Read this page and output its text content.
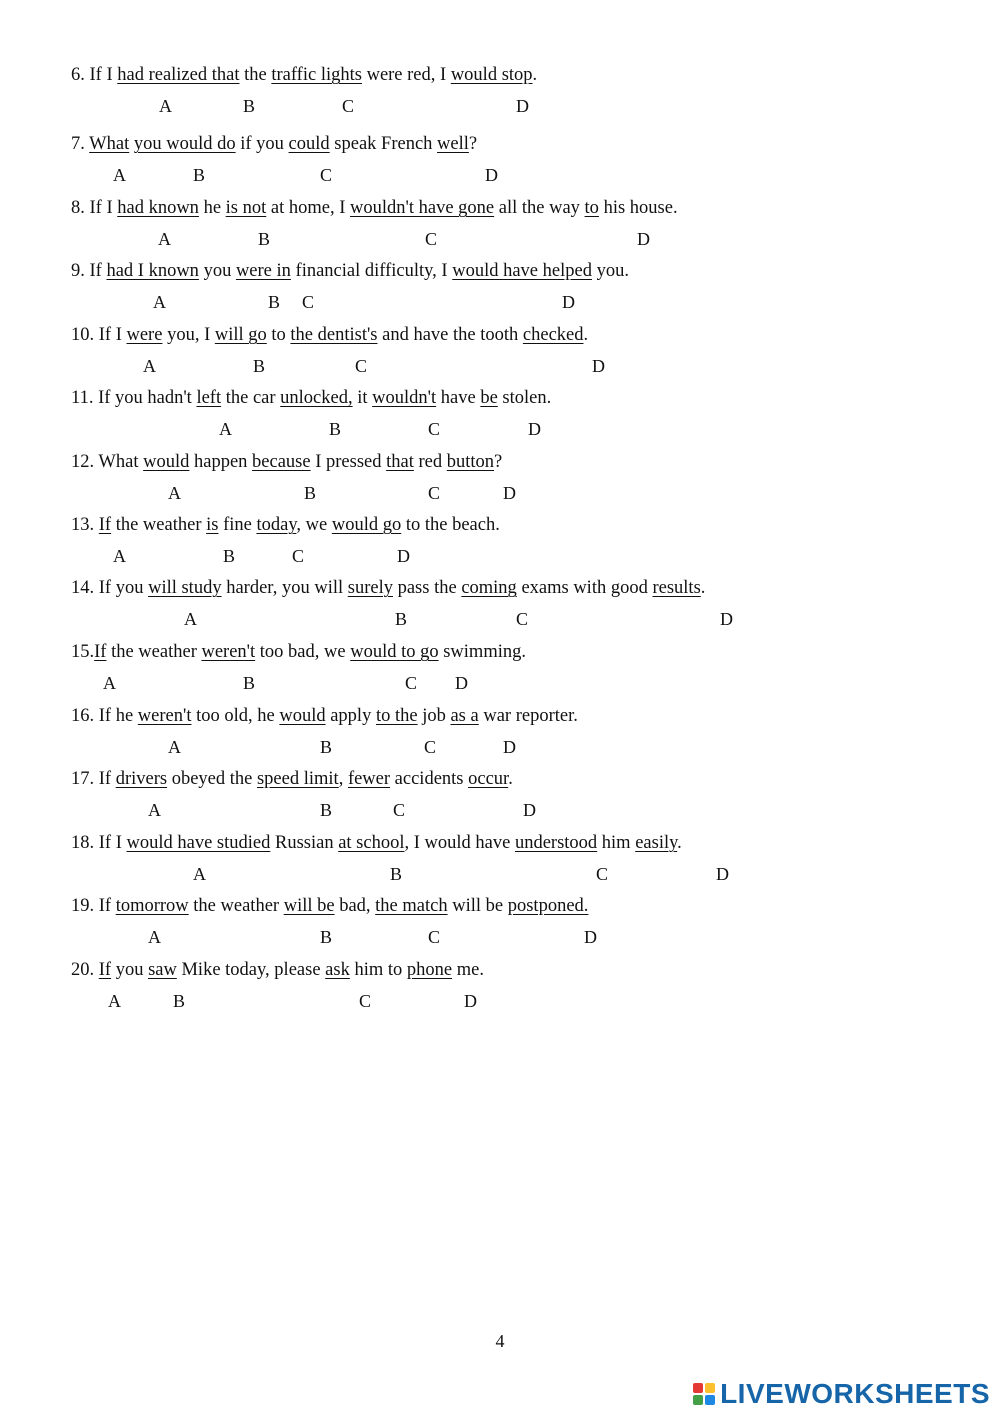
6. If I had realized that the traffic lights were red, I would stop.
A	B	C	D
7. What you would do if you could speak French well?
A	B	C	D
8. If I had known he is not at home, I wouldn't have gone all the way to his house.
A	B	C	D
9. If had I known you were in financial difficulty, I would have helped you.
A	B C	D
10. If I were you, I will go to the dentist's and have the tooth checked.
A	B	C	D
11. If you hadn't left the car unlocked, it wouldn't have be stolen.
A	B	C	D
12. What would happen because I pressed that red button?
A	B	C	D
13. If the weather is fine today, we would go to the beach.
A	B	C	D
14. If you will study harder, you will surely pass the coming exams with good results.
A	B	C	D
15.If the weather weren't too bad, we would to go swimming.
A	B	C D
16. If he weren't too old, he would apply to the job as a war reporter.
A	B	C	D
17. If drivers obeyed the speed limit, fewer accidents occur.
A	B	C	D
18. If I would have studied Russian at school, I would have understood him easily.
A	B	C	D
19. If tomorrow the weather will be bad, the match will be postponed.
A	B	C	D
20. If you saw Mike today, please ask him to phone me.
A	B	C	D
4
LIVEWORKSHEETS
